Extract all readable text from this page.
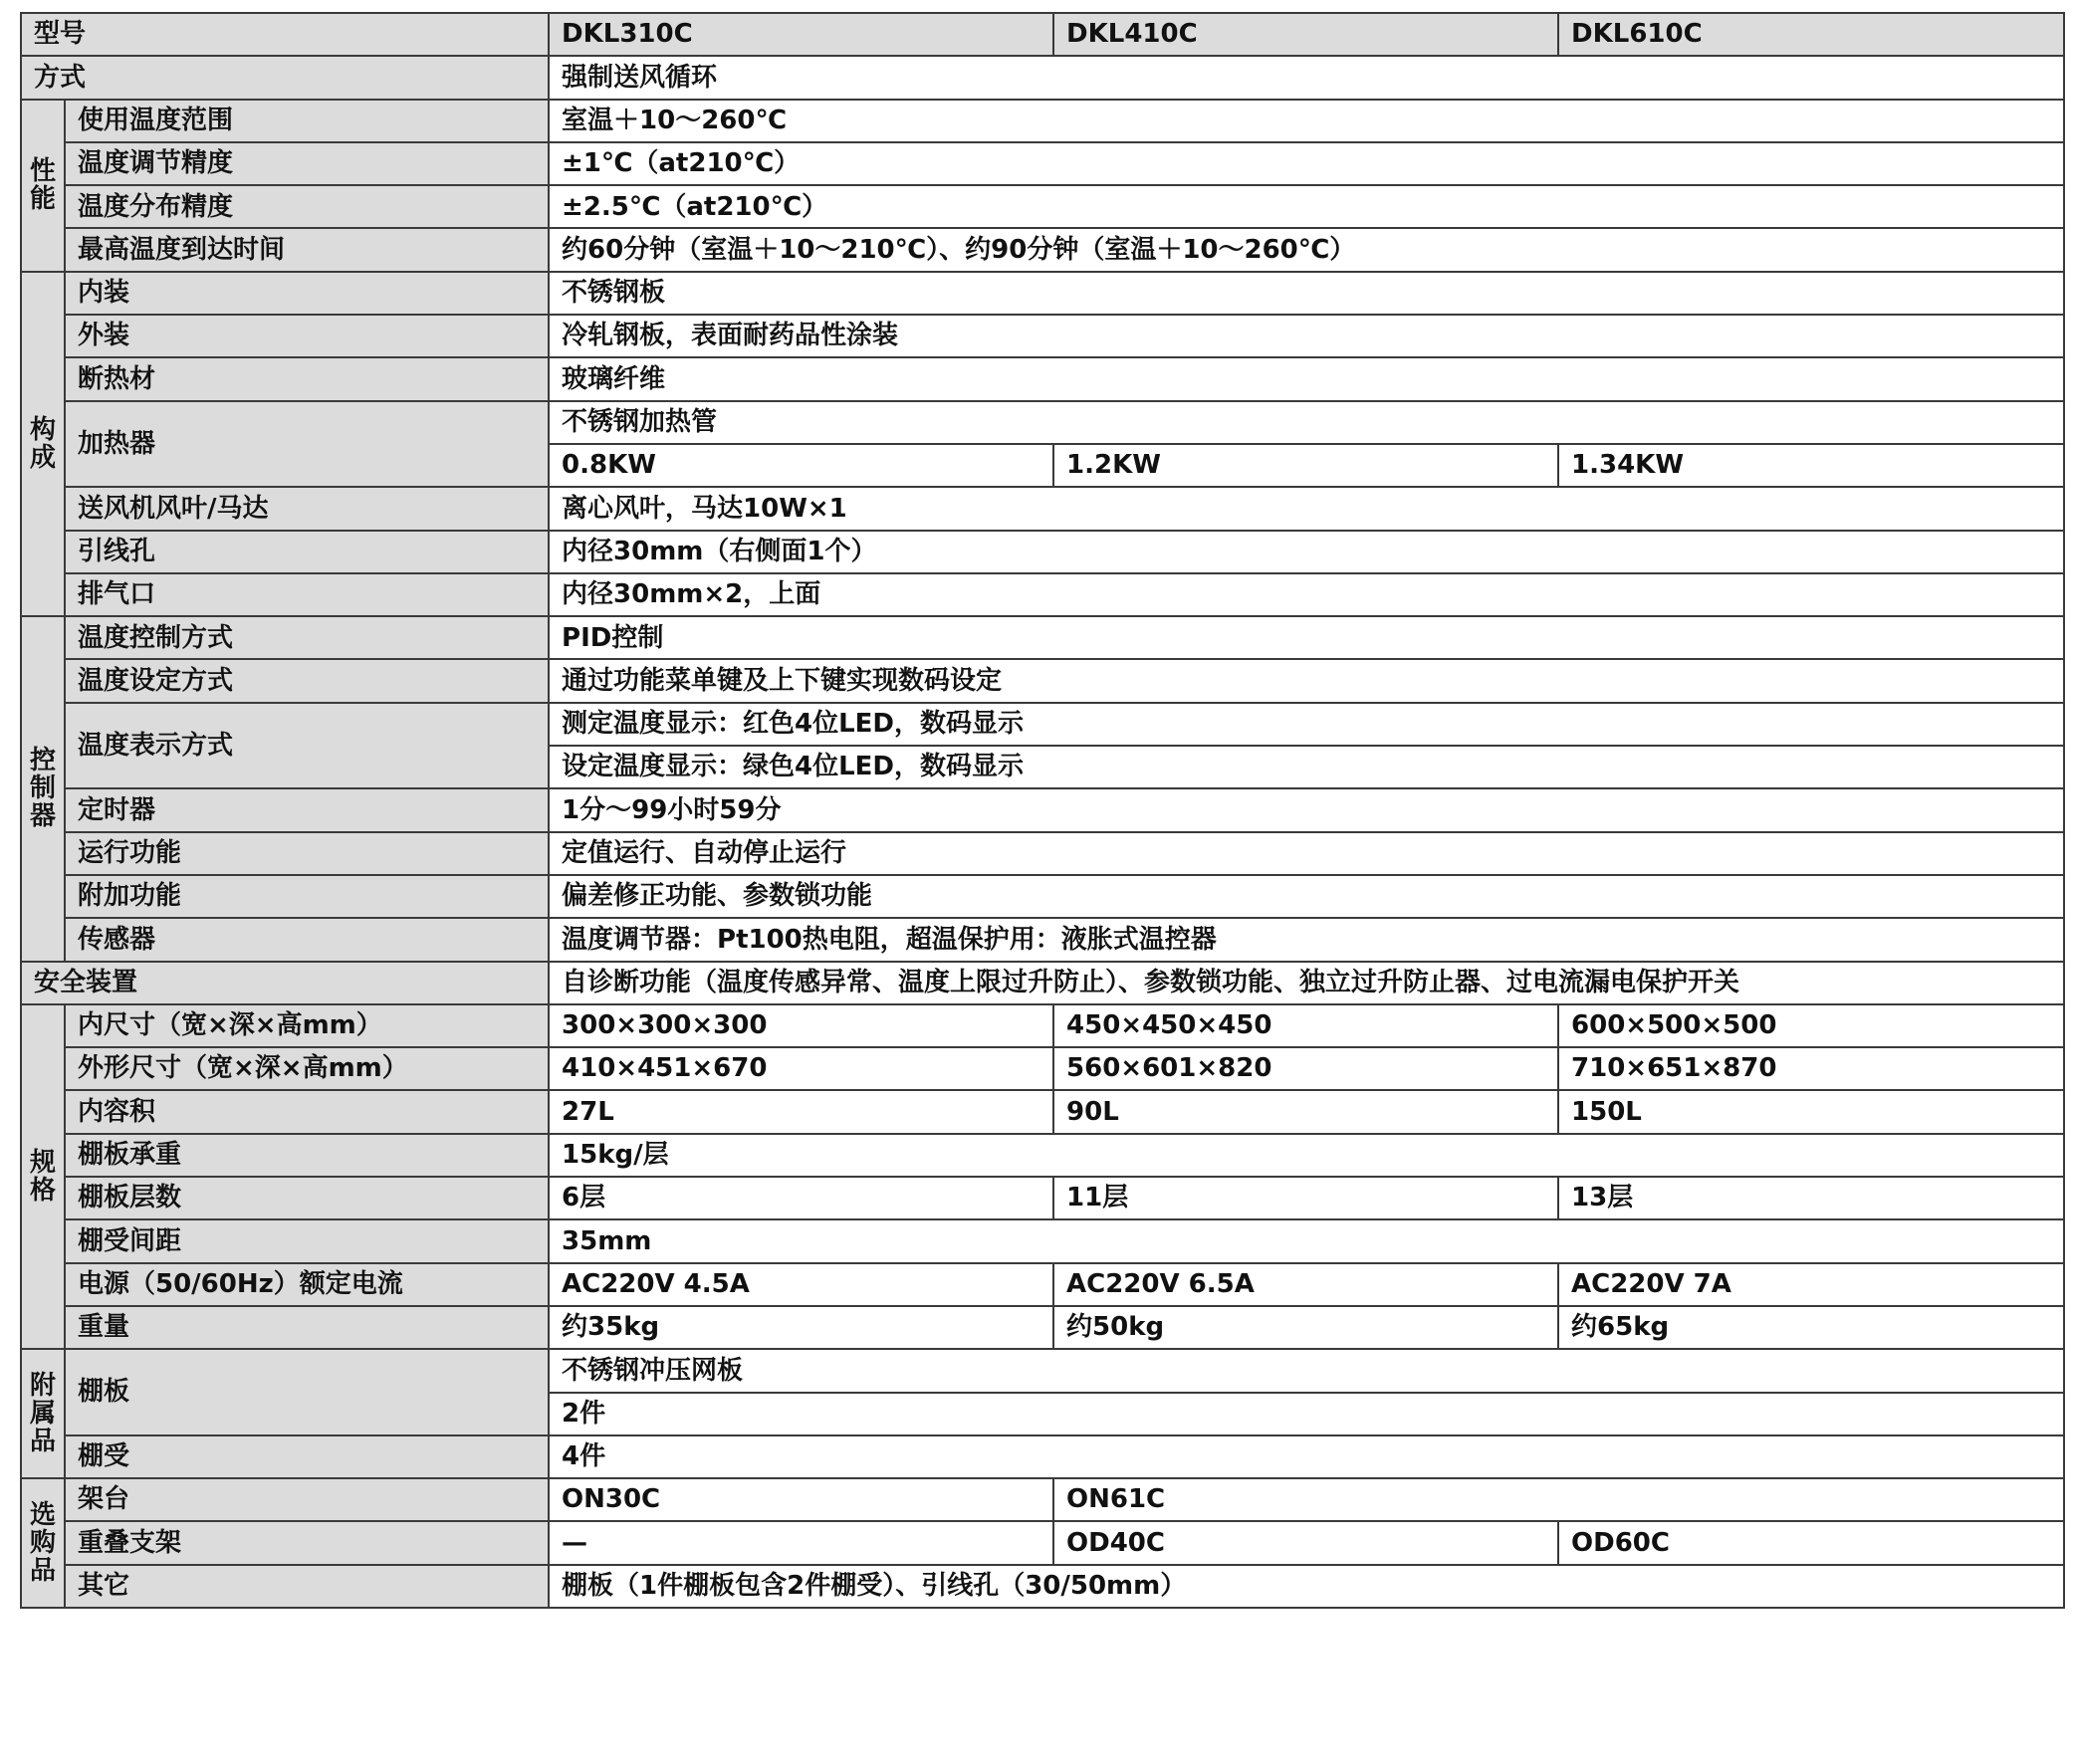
型号		DKL310C	DKL410C	DKL610C
方式		强制送风循环		
性能	使用温度范围	室温＋10～260℃		
	温度调节精度	±1℃（at210℃）		
	温度分布精度	±2.5℃（at210℃）		
	最高温度到达时间	约60分钟（室温＋10～210℃）、约90分钟（室温＋10～260℃）		
构成	内装	不锈钢板		
	外装	冷轧钢板，表面耐药品性涂装		
	断热材	玻璃纤维		
	加热器	不锈钢加热管		
		0.8KW	1.2KW	1.34KW
	送风机风叶/马达	离心风叶，马达10W×1		
	引线孔	内径30mm（右侧面1个）		
	排气口	内径30mm×2，上面		
控制器	温度控制方式	PID控制		
	温度设定方式	通过功能菜单键及上下键实现数码设定		
	温度表示方式	测定温度显示：红色4位LED，数码显示		
		设定温度显示：绿色4位LED，数码显示		
	定时器	1分～99小时59分		
	运行功能	定值运行、自动停止运行		
	附加功能	偏差修正功能、参数锁功能		
	传感器	温度调节器：Pt100热电阻，超温保护用：液胀式温控器		
安全装置		自诊断功能（温度传感异常、温度上限过升防止）、参数锁功能、独立过升防止器、过电流漏电保护开关		
规格	内尺寸（宽×深×高mm）	300×300×300	450×450×450	600×500×500
	外形尺寸（宽×深×高mm）	410×451×670	560×601×820	710×651×870
	内容积	27L	90L	150L
	棚板承重	15kg/层		
	棚板层数	6层	11层	13层
	棚受间距	35mm		
	电源（50/60Hz）额定电流	AC220V 4.5A	AC220V 6.5A	AC220V 7A
	重量	约35kg	约50kg	约65kg
附属品	棚板	不锈钢冲压网板		
		2件		
	棚受	4件		
选购品	架台	ON30C	ON61C	
	重叠支架	—	OD40C	OD60C
	其它	棚板（1件棚板包含2件棚受）、引线孔（30/50mm）		
